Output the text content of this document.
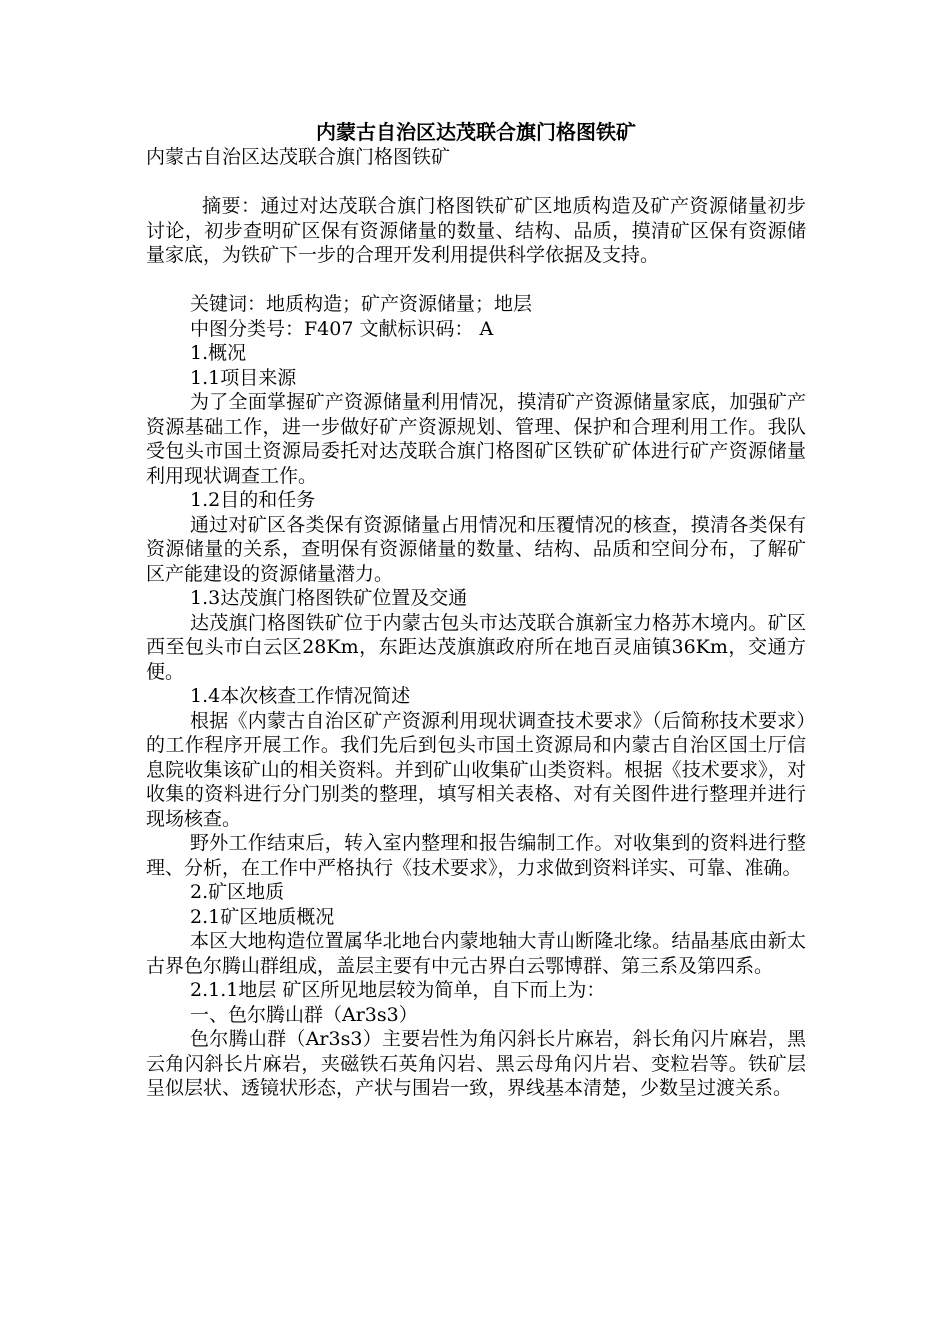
内蒙古自治区达茂联合旗门格图铁矿
内蒙古自治区达茂联合旗门格图铁矿

摘要：通过对达茂联合旗门格图铁矿矿区地质构造及矿产资源储量初步讨论，初步查明矿区保有资源储量的数量、结构、品质，摸清矿区保有资源储量家底，为铁矿下一步的合理开发利用提供科学依据及支持。

关键词：地质构造；矿产资源储量；地层

中图分类号：F407 文献标识码： A

1.概况

1.1项目来源

为了全面掌握矿产资源储量利用情况，摸清矿产资源储量家底，加强矿产资源基础工作，进一步做好矿产资源规划、管理、保护和合理利用工作。我队受包头市国土资源局委托对达茂联合旗门格图矿区铁矿矿体进行矿产资源储量利用现状调查工作。

1.2目的和任务

通过对矿区各类保有资源储量占用情况和压覆情况的核查，摸清各类保有资源储量的关系，查明保有资源储量的数量、结构、品质和空间分布，了解矿区产能建设的资源储量潜力。

1.3达茂旗门格图铁矿位置及交通

达茂旗门格图铁矿位于内蒙古包头市达茂联合旗新宝力格苏木境内。矿区西至包头市白云区28Km，东距达茂旗旗政府所在地百灵庙镇36Km，交通方便。

1.4本次核查工作情况简述

根据《内蒙古自治区矿产资源利用现状调查技术要求》（后简称技术要求）的工作程序开展工作。我们先后到包头市国土资源局和内蒙古自治区国土厅信息院收集该矿山的相关资料。并到矿山收集矿山类资料。根据《技术要求》，对收集的资料进行分门别类的整理，填写相关表格、对有关图件进行整理并进行现场核查。

野外工作结束后，转入室内整理和报告编制工作。对收集到的资料进行整理、分析，在工作中严格执行《技术要求》，力求做到资料详实、可靠、准确。

2.矿区地质

2.1矿区地质概况

本区大地构造位置属华北地台内蒙地轴大青山断隆北缘。结晶基底由新太古界色尔腾山群组成，盖层主要有中元古界白云鄂博群、第三系及第四系。

2.1.1地层 矿区所见地层较为简单，自下而上为：

一、色尔腾山群（Ar3s3）

色尔腾山群（Ar3s3）主要岩性为角闪斜长片麻岩，斜长角闪片麻岩，黑云角闪斜长片麻岩，夹磁铁石英角闪岩、黑云母角闪片岩、变粒岩等。铁矿层呈似层状、透镜状形态，产状与围岩一致，界线基本清楚，少数呈过渡关系。
